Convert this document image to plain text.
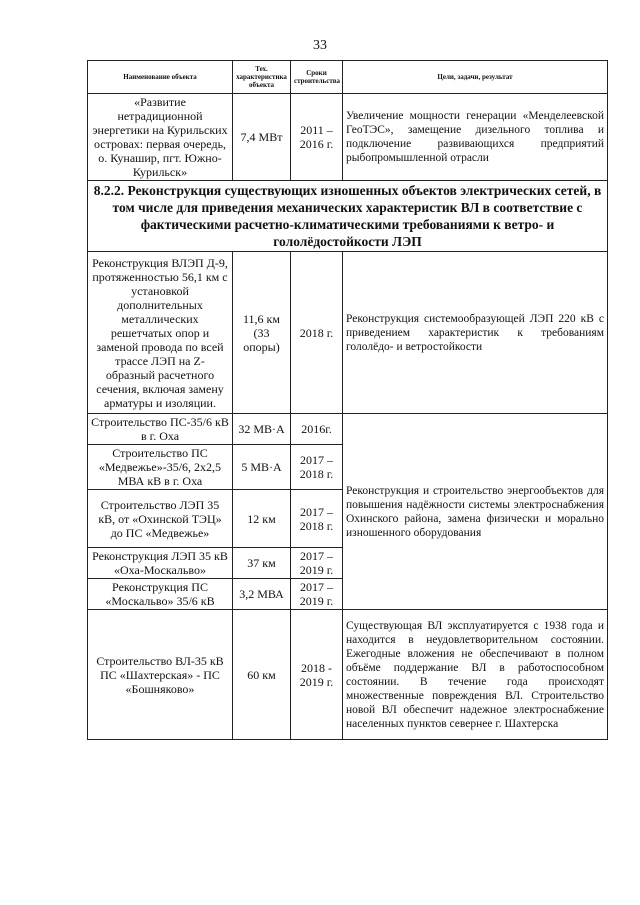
33
Наименование объекта	Тех. характеристика объекта	Сроки строительства	Цели, задачи, результат
«Развитие нетрадиционной энергетики на Курильских островах: первая очередь, о. Кунашир, пгт. Южно-Курильск»	7,4 МВт	2011 – 2016 г.	Увеличение мощности генерации «Менделеевской ГеоТЭС», замещение дизельного топлива и подключение развивающихся предприятий рыбопромышленной отрасли
8.2.2. Реконструкция существующих изношенных объектов электрических сетей, в том числе для приведения механических характеристик ВЛ в соответствие с фактическими расчетно-климатическими требованиями к ветро- и гололёдостойкости ЛЭП			
Реконструкция ВЛЭП Д-9, протяженностью 56,1 км с установкой дополнительных металлических решетчатых опор и заменой провода по всей трассе ЛЭП на Z-образный расчетного сечения, включая замену арматуры и изоляции.	11,6 км (33 опоры)	2018 г.	Реконструкция системообразующей ЛЭП 220 кВ с приведением характеристик к требованиям гололёдо- и ветростойкости
Строительство ПС-35/6 кВ в г. Оха	32 МВ·А	2016г.	Реконструкция и строительство энергообъектов для повышения надёжности системы электроснабжения Охинского района, замена физически и морально изношенного оборудования
Строительство ПС «Медвежье»-35/6, 2х2,5 МВА кВ в г. Оха	5 МВ·А	2017 – 2018 г.	
Строительство ЛЭП 35 кВ, от «Охинской ТЭЦ» до ПС «Медвежье»	12 км	2017 – 2018 г.	
Реконструкция ЛЭП 35 кВ «Оха-Москальво»	37 км	2017 – 2019 г.	
Реконструкция ПС «Москальво» 35/6 кВ	3,2 МВА	2017 – 2019 г.	
Строительство ВЛ-35 кВ ПС «Шахтерская» - ПС «Бошняково»	60 км	2018 - 2019 г.	Существующая ВЛ эксплуатируется с 1938 года и находится в неудовлетворительном состоянии. Ежегодные вложения не обеспечивают в полном объёме поддержание ВЛ в работоспособном состоянии. В течение года происходят множественные повреждения ВЛ. Строительство новой ВЛ обеспечит надежное электроснабжение населенных пунктов севернее г. Шахтерска
